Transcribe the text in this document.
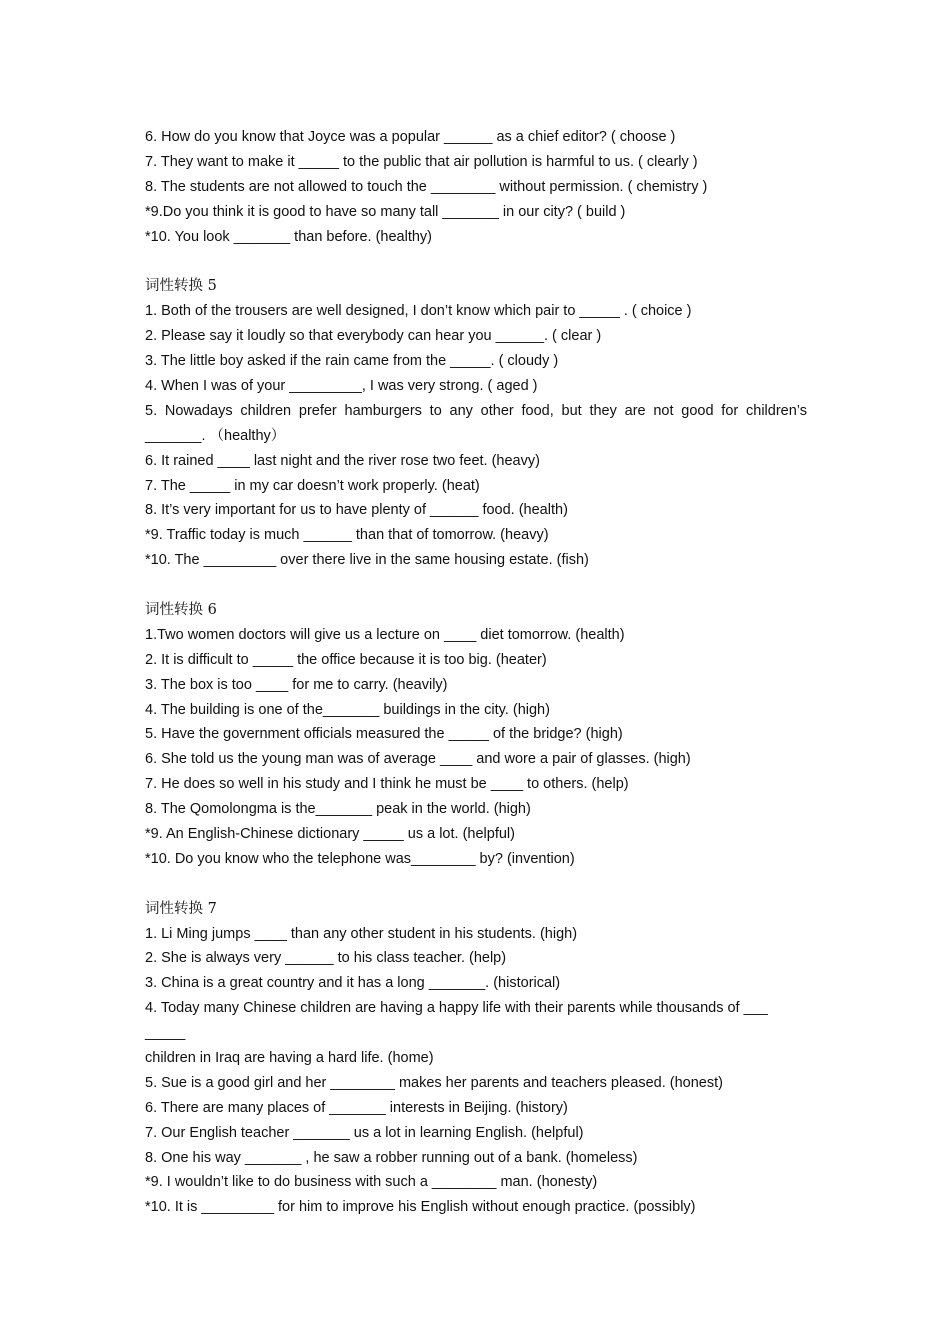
6. How do you know that Joyce was a popular ______ as a chief editor? ( choose )
7. They want to make it _____ to the public that air pollution is harmful to us. ( clearly )
8. The students are not allowed to touch the ________ without permission. ( chemistry )
*9.Do you think it is good to have so many tall _______ in our city? ( build )
*10. You look _______ than before. (healthy)
词性转换 5
1. Both of the trousers are well designed, I don’t know which pair to _____ . ( choice )
2. Please say it loudly so that everybody can hear you ______. ( clear )
3. The little boy asked if the rain came from the _____. ( cloudy )
4. When I was of your _________, I was very strong. ( aged )
5. Nowadays children prefer hamburgers to any other food, but they are not good for children’s _______. （healthy）
6. It rained ____ last night and the river rose two feet. (heavy)
7. The _____ in my car doesn’t work properly. (heat)
8. It’s very important for us to have plenty of ______ food. (health)
*9. Traffic today is much ______ than that of tomorrow. (heavy)
*10. The _________ over there live in the same housing estate. (fish)
词性转换 6
1.Two women doctors will give us a lecture on ____ diet tomorrow. (health)
2. It is difficult to _____ the office because it is too big. (heater)
3. The box is too ____ for me to carry. (heavily)
4. The building is one of the_______ buildings in the city. (high)
5. Have the government officials measured the _____ of the bridge? (high)
6. She told us the young man was of average ____ and wore a pair of glasses. (high)
7. He does so well in his study and I think he must be ____ to others. (help)
8. The Qomolongma is the_______ peak in the world. (high)
*9. An English-Chinese dictionary _____ us a lot. (helpful)
*10. Do you know who the telephone was________ by? (invention)
词性转换 7
1. Li Ming jumps ____ than any other student in his students. (high)
2. She is always very ______ to his class teacher. (help)
3. China is a great country and it has a long _______. (historical)
4. Today many Chinese children are having a happy life with their parents while thousands of ___
_____
children in Iraq are having a hard life. (home)
5. Sue is a good girl and her ________ makes her parents and teachers pleased. (honest)
6. There are many places of _______ interests in Beijing. (history)
7. Our English teacher _______ us a lot in learning English. (helpful)
8. One his way _______ , he saw a robber running out of a bank. (homeless)
*9. I wouldn’t like to do business with such a ________ man. (honesty)
*10. It is _________ for him to improve his English without enough practice. (possibly)
